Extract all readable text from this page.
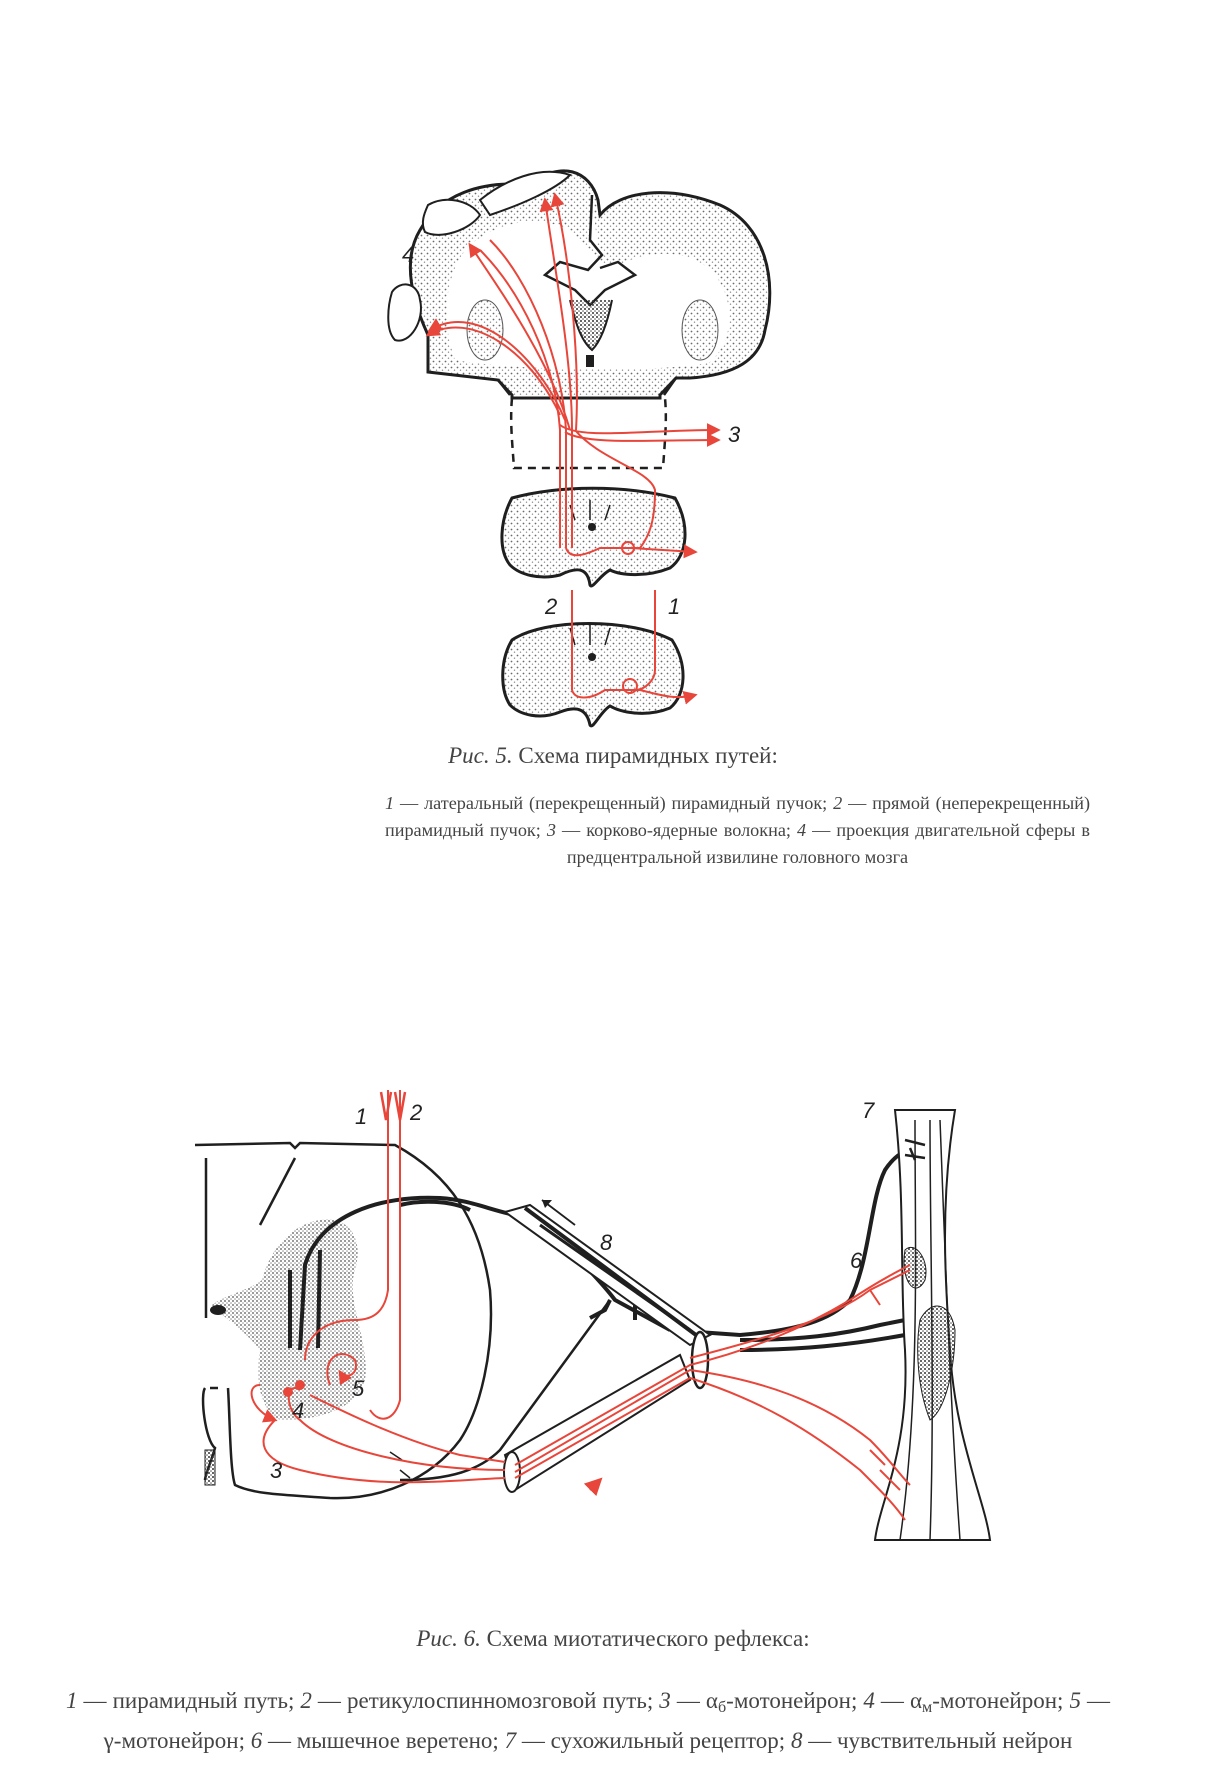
4
3
2	1
1 2
3
4
5
6
7
8
Рис. 5. Схема пирамидных путей:
1 — латеральный (перекрещенный) пирамидный пучок; 2 — прямой (неперекрещенный) пирамидный пучок; 3 — корково-ядерные волокна; 4 — проекция двигательной сферы в предцентральной извилине головного мозга
Рис. 6. Схема миотатического рефлекса:
1 — пирамидный путь; 2 — ретикулоспинномозговой путь; 3 — $\alpha_б$-мотонейрон; 4 — $\alpha_м$-мотонейрон; 5 — γ-мотонейрон; 6 — мышечное веретено; 7 — сухожильный рецептор; 8 — чувствительный нейрон
